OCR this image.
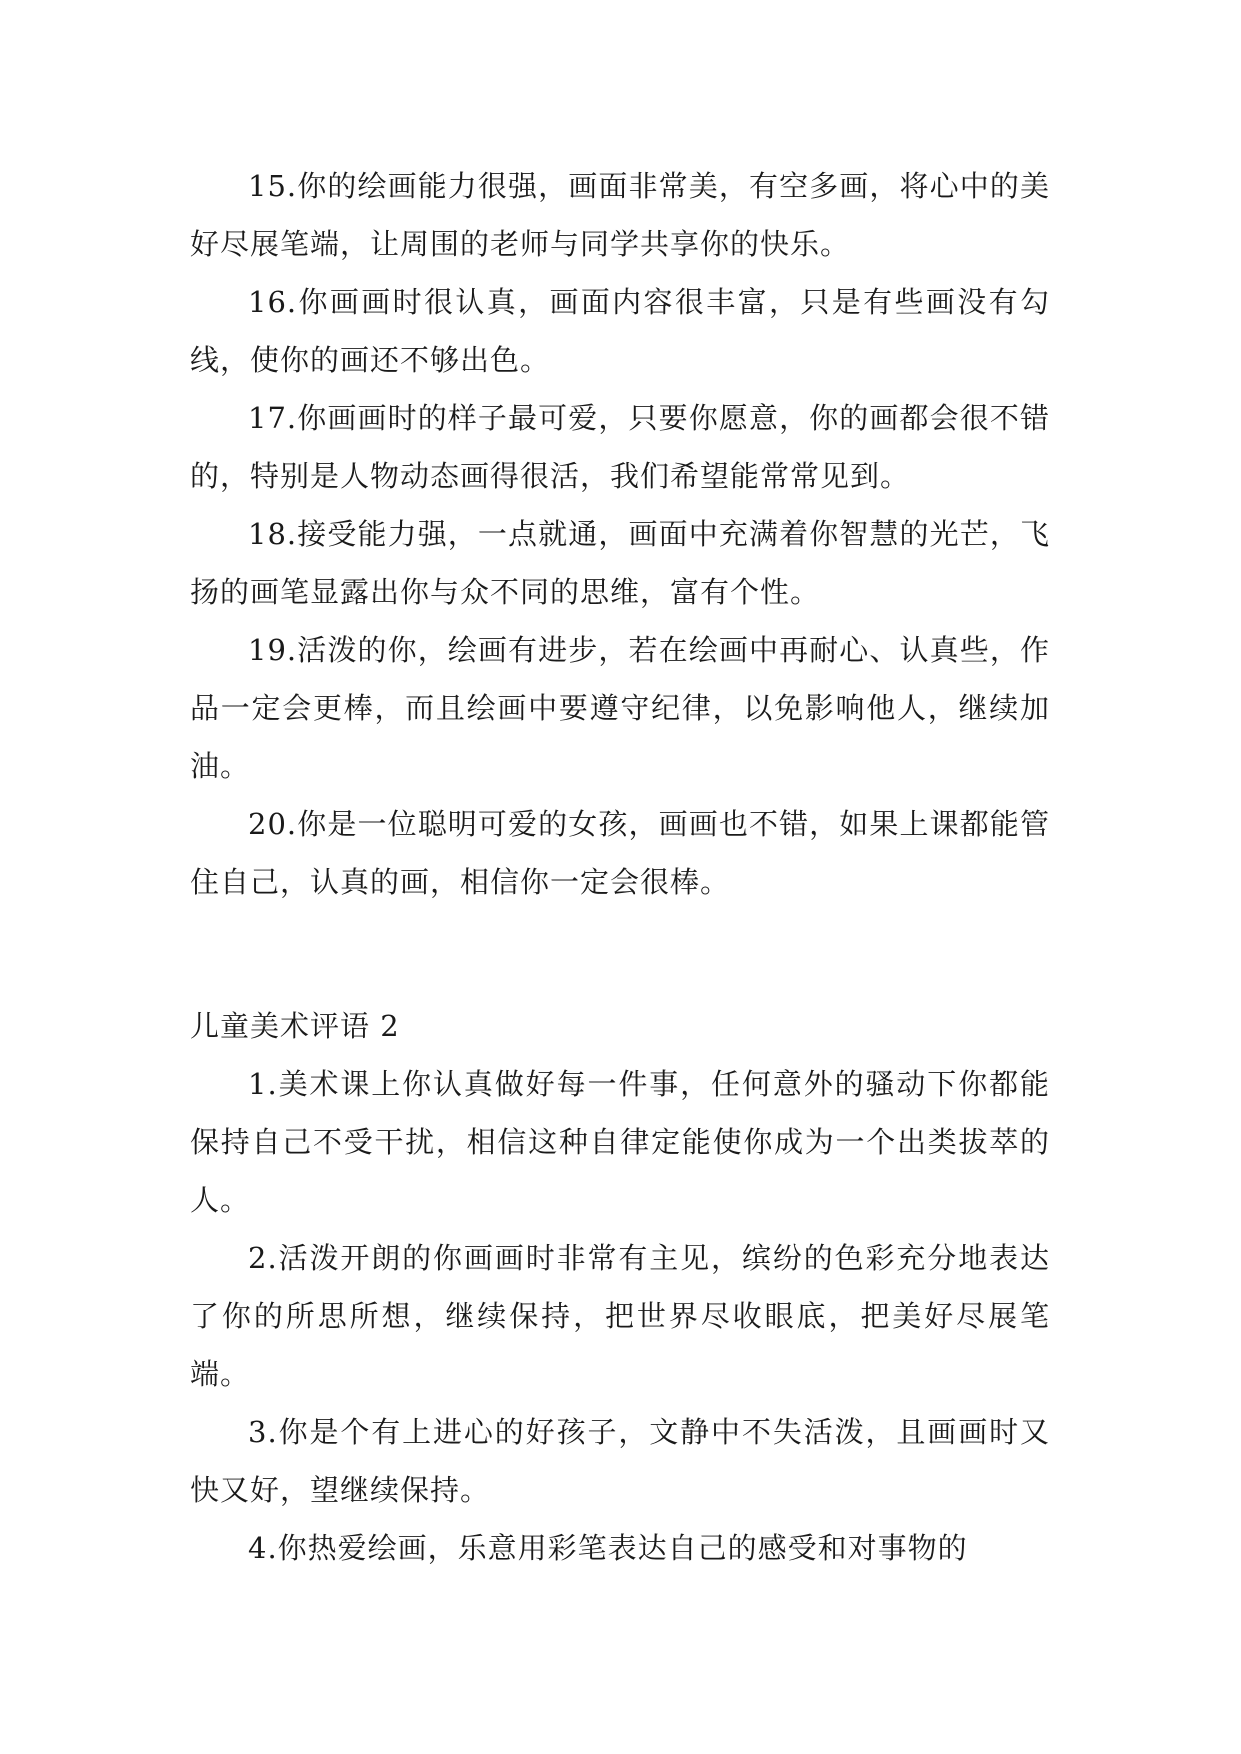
15.你的绘画能力很强，画面非常美，有空多画，将心中的美好尽展笔端，让周围的老师与同学共享你的快乐。

16.你画画时很认真，画面内容很丰富，只是有些画没有勾线，使你的画还不够出色。

17.你画画时的样子最可爱，只要你愿意，你的画都会很不错的，特别是人物动态画得很活，我们希望能常常见到。

18.接受能力强，一点就通，画面中充满着你智慧的光芒，飞扬的画笔显露出你与众不同的思维，富有个性。

19.活泼的你，绘画有进步，若在绘画中再耐心、认真些，作品一定会更棒，而且绘画中要遵守纪律，以免影响他人，继续加油。

20.你是一位聪明可爱的女孩，画画也不错，如果上课都能管住自己，认真的画，相信你一定会很棒。

儿童美术评语 2

1.美术课上你认真做好每一件事，任何意外的骚动下你都能保持自己不受干扰，相信这种自律定能使你成为一个出类拔萃的人。

2.活泼开朗的你画画时非常有主见，缤纷的色彩充分地表达了你的所思所想，继续保持，把世界尽收眼底，把美好尽展笔端。

3.你是个有上进心的好孩子，文静中不失活泼，且画画时又快又好，望继续保持。

4.你热爱绘画，乐意用彩笔表达自己的感受和对事物的
